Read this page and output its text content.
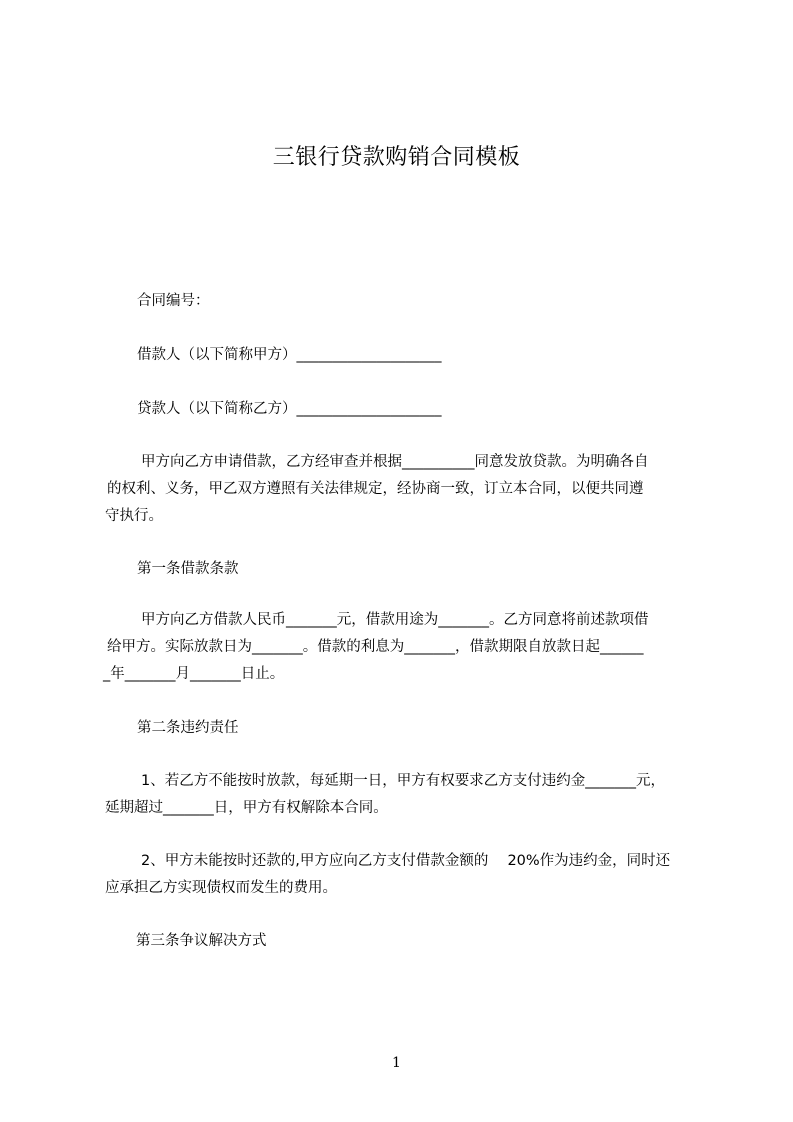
三银行贷款购销合同模板
合同编号：
借款人（以下简称甲方）____________________
贷款人（以下简称乙方）____________________
甲方向乙方申请借款，乙方经审查并根据__________同意发放贷款。为明确各自
的权利、义务，甲乙双方遵照有关法律规定，经协商一致，订立本合同，以便共同遵
守执行。
第一条借款条款
甲方向乙方借款人民币_______元，借款用途为_______。乙方同意将前述款项借
给甲方。实际放款日为_______。借款的利息为_______，借款期限自放款日起______
_年_______月_______日止。
第二条违约责任
1、若乙方不能按时放款，每延期一日，甲方有权要求乙方支付违约金_______元，
延期超过_______日，甲方有权解除本合同。
2、甲方未能按时还款的,甲方应向乙方支付借款金额的　 20%作为违约金，同时还
应承担乙方实现债权而发生的费用。
第三条争议解决方式
1
